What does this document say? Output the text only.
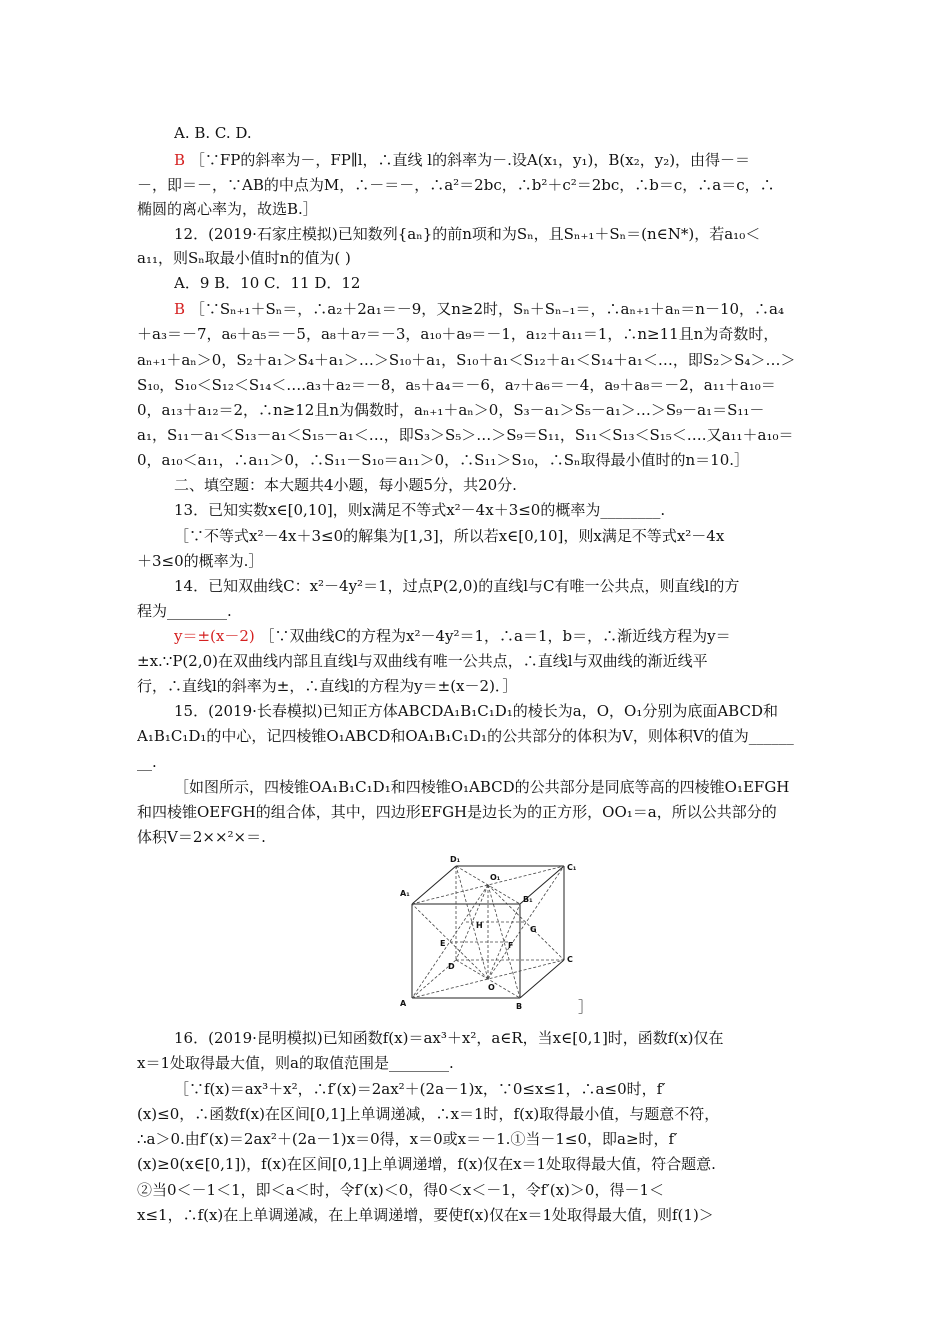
A. B. C. D.
B ［∵FP的斜率为－，FP∥l，∴直线 l的斜率为－.设A(x₁，y₁)，B(x₂，y₂)，由得－＝
－，即＝－，∵AB的中点为M，∴－＝－，∴a²＝2bc，∴b²＋c²＝2bc，∴b＝c，∴a＝c，∴
椭圆的离心率为，故选B.］
12．(2019·石家庄模拟)已知数列{aₙ}的前n项和为Sₙ，且Sₙ₊₁＋Sₙ＝(n∈N*)，若a₁₀＜
a₁₁，则Sₙ取最小值时n的值为( )
A．9 B．10 C．11 D．12
B ［∵Sₙ₊₁＋Sₙ＝，∴a₂＋2a₁＝－9，又n≥2时，Sₙ＋Sₙ₋₁＝，∴aₙ₊₁＋aₙ＝n－10，∴a₄
＋a₃＝－7，a₆＋a₅＝－5，a₈＋a₇＝－3，a₁₀＋a₉＝－1，a₁₂＋a₁₁＝1，∴n≥11且n为奇数时，
aₙ₊₁＋aₙ＞0，S₂＋a₁＞S₄＋a₁＞…＞S₁₀＋a₁，S₁₀＋a₁＜S₁₂＋a₁＜S₁₄＋a₁＜…，即S₂＞S₄＞…＞
S₁₀，S₁₀＜S₁₂＜S₁₄＜….a₃＋a₂＝－8，a₅＋a₄＝－6，a₇＋a₆＝－4，a₉＋a₈＝－2，a₁₁＋a₁₀＝
0，a₁₃＋a₁₂＝2，∴n≥12且n为偶数时，aₙ₊₁＋aₙ＞0，S₃－a₁＞S₅－a₁＞…＞S₉－a₁＝S₁₁－
a₁，S₁₁－a₁＜S₁₃－a₁＜S₁₅－a₁＜…，即S₃＞S₅＞…＞S₉＝S₁₁，S₁₁＜S₁₃＜S₁₅＜….又a₁₁＋a₁₀＝
0，a₁₀＜a₁₁，∴a₁₁＞0，∴S₁₁－S₁₀＝a₁₁＞0，∴S₁₁＞S₁₀，∴Sₙ取得最小值时的n＝10.］
二、填空题：本大题共4小题，每小题5分，共20分.
13．已知实数x∈[0,10]，则x满足不等式x²－4x＋3≤0的概率为________.
［∵不等式x²－4x＋3≤0的解集为[1,3]，所以若x∈[0,10]，则x满足不等式x²－4x
＋3≤0的概率为.］
14．已知双曲线C：x²－4y²＝1，过点P(2,0)的直线l与C有唯一公共点，则直线l的方
程为________.
y＝±(x－2) ［∵双曲线C的方程为x²－4y²＝1，∴a＝1，b＝，∴渐近线方程为y＝
±x.∵P(2,0)在双曲线内部且直线l与双曲线有唯一公共点，∴直线l与双曲线的渐近线平
行，∴直线l的斜率为±，∴直线l的方程为y＝±(x－2)．］
15．(2019·长春模拟)已知正方体ABCDA₁B₁C₁D₁的棱长为a，O，O₁分别为底面ABCD和
A₁B₁C₁D₁的中心，记四棱锥O₁ABCD和OA₁B₁C₁D₁的公共部分的体积为V，则体积V的值为______
__.
［如图所示，四棱锥OA₁B₁C₁D₁和四棱锥O₁ABCD的公共部分是同底等高的四棱锥O₁EFGH
和四棱锥OEFGH的组合体，其中，四边形EFGH是边长为的正方形，OO₁＝a，所以公共部分的
体积V＝2××²×＝.
D₁
O₁
C₁
A₁
B₁
H	G
E	F
D
O
C
A	B	］
16．(2019·昆明模拟)已知函数f(x)＝ax³＋x²，a∈R，当x∈[0,1]时，函数f(x)仅在
x＝1处取得最大值，则a的取值范围是________.
［∵f(x)＝ax³＋x²，∴f′(x)＝2ax²＋(2a－1)x，∵0≤x≤1，∴a≤0时，f′
(x)≤0，∴函数f(x)在区间[0,1]上单调递减，∴x＝1时，f(x)取得最小值，与题意不符，
∴a＞0.由f′(x)＝2ax²＋(2a－1)x＝0得，x＝0或x＝－1.①当－1≤0，即a≥时，f′
(x)≥0(x∈[0,1])，f(x)在区间[0,1]上单调递增，f(x)仅在x＝1处取得最大值，符合题意.
②当0＜－1＜1，即＜a＜时，令f′(x)＜0，得0＜x＜－1，令f′(x)＞0，得－1＜
x≤1，∴f(x)在上单调递减，在上单调递增，要使f(x)仅在x＝1处取得最大值，则f(1)＞
